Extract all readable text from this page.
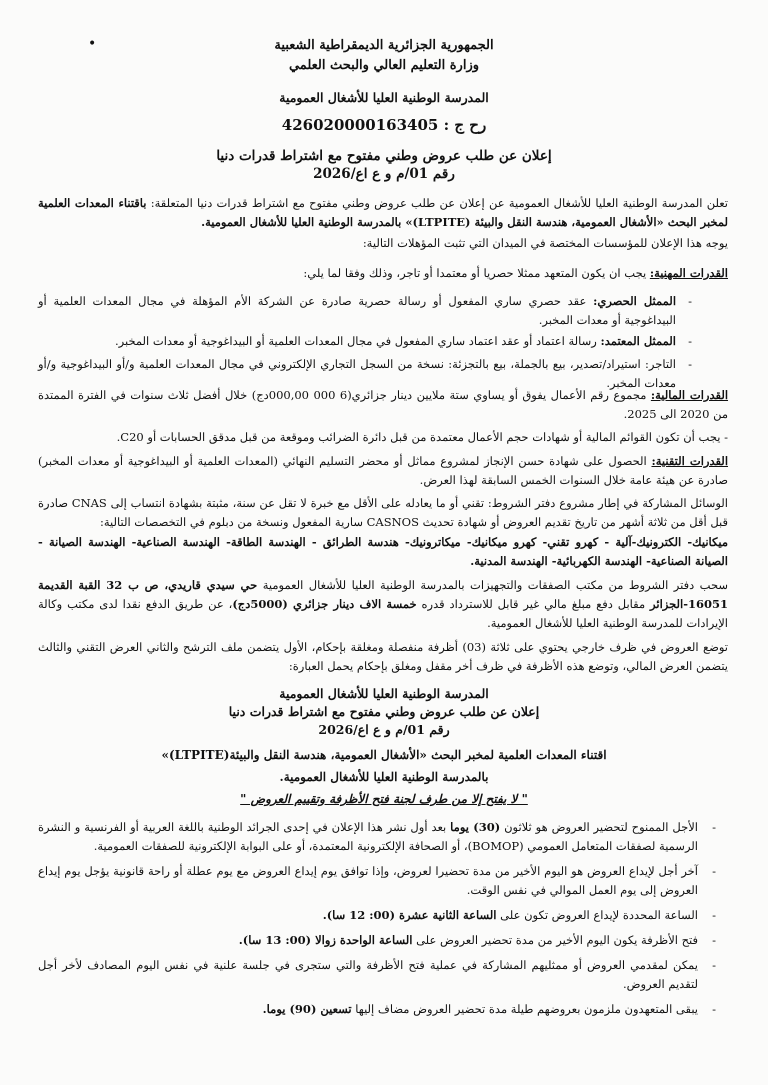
•	الجمهورية الجزائرية الديمقراطية الشعبية
وزارة التعليم العالي والبحث العلمي
المدرسة الوطنية العليا للأشغال العمومية
رح ج : 426020000163405
إعلان عن طلب عروض وطني مفتوح مع اشتراط قدرات دنيا
رقم 01/م و ع اع/2026
تعلن المدرسة الوطنية العليا للأشغال العمومية عن إعلان عن طلب عروض وطني مفتوح مع اشتراط قدرات دنيا المتعلقة: باقتناء المعدات العلمية لمخبر البحث «الأشغال العمومية، هندسة النقل والبيئة (LTPITE)» بالمدرسة الوطنية العليا للأشغال العمومية.
يوجه هذا الإعلان للمؤسسات المختصة في الميدان التي تثبت المؤهلات التالية:
القدرات المهنية: يجب ان يكون المتعهد ممثلا حصريا أو معتمدا أو تاجر، وذلك وفقا لما يلي:
-
الممثل الحصري: عقد حصري ساري المفعول أو رسالة حصرية صادرة عن الشركة الأم المؤهلة في مجال المعدات العلمية أو البيداغوجية أو معدات المخبر.
-
الممثل المعتمد: رسالة اعتماد أو عقد اعتماد ساري المفعول في مجال المعدات العلمية أو البيداغوجية أو معدات المخبر.
-
التاجر: استيراد/تصدير، بيع بالجملة، بيع بالتجزئة: نسخة من السجل التجاري الإلكتروني في مجال المعدات العلمية و/أو البيداغوجية و/أو معدات المخبر.
القدرات المالية: مجموع رقم الأعمال يفوق أو يساوي ستة ملايين دينار جزائري(6 000 000,00دج) خلال أفضل ثلاث سنوات في الفترة الممتدة من 2020 الى 2025.
- يجب أن تكون القوائم المالية أو شهادات حجم الأعمال معتمدة من قبل دائرة الضرائب وموقعة من قبل مدقق الحسابات أو C20.
القدرات التقنية: الحصول على شهادة حسن الإنجاز لمشروع مماثل أو محضر التسليم النهائي (المعدات العلمية أو البيداغوجية أو معدات المخبر) صادرة عن هيئة عامة خلال السنوات الخمس السابقة لهذا العرض.
الوسائل المشاركة في إطار مشروع دفتر الشروط: تقني أو ما يعادله على الأقل مع خبرة لا تقل عن سنة، مثبتة بشهادة انتساب إلى CNAS صادرة قبل أقل من ثلاثة أشهر من تاريخ تقديم العروض أو شهادة تحديث CASNOS سارية المفعول ونسخة من دبلوم في التخصصات التالية:
ميكانيك- الكترونيك-آلية - كهرو تقني- كهرو ميكانيك- ميكاترونيك- هندسة الطرائق - الهندسة الطاقة- الهندسة الصناعية- الهندسة الصيانة - الصيانة الصناعية- الهندسة الكهربائية- الهندسة المدنية.
سحب دفتر الشروط من مكتب الصفقات والتجهيزات بالمدرسة الوطنية العليا للأشغال العمومية حي سيدي قاريدي، ص ب 32 القبة القديمة 16051-الجزائر مقابل دفع مبلغ مالي غير قابل للاسترداد قدره خمسة الاف دينار جزائري (5000دج)، عن طريق الدفع نقدا لدى مكتب وكالة الإيرادات للمدرسة الوطنية العليا للأشغال العمومية.
توضع العروض في ظرف خارجي يحتوي على ثلاثة (03) أظرفة منفصلة ومغلقة بإحكام، الأول يتضمن ملف الترشح والثاني العرض التقني والثالث يتضمن العرض المالي، وتوضع هذه الأظرفة في ظرف أخر مقفل ومغلق بإحكام يحمل العبارة:
المدرسة الوطنية العليا للأشغال العمومية
إعلان عن طلب عروض وطني مفتوح مع اشتراط قدرات دنيا
رقم 01/م و ع اع/2026
اقتناء المعدات العلمية لمخبر البحث «الأشغال العمومية، هندسة النقل والبيئة(LTPITE)»
بالمدرسة الوطنية العليا للأشغال العمومية.
" لا يفتح إلا من طرف لجنة فتح الأظرفة وتقييم العروض "
-
الأجل الممنوح لتحضير العروض هو ثلاثون (30) يوما بعد أول نشر هذا الإعلان في إحدى الجرائد الوطنية باللغة العربية أو الفرنسية و النشرة الرسمية لصفقات المتعامل العمومي (BOMOP)، أو الصحافة الإلكترونية المعتمدة، أو على البوابة الإلكترونية للصفقات العمومية.
-
آخر أجل لإيداع العروض هو اليوم الأخير من مدة تحضيرا لعروض، وإذا توافق يوم إيداع العروض مع يوم عطلة أو راحة قانونية يؤجل يوم إيداع العروض إلى يوم العمل الموالي في نفس الوقت.
-
الساعة المحددة لإيداع العروض تكون على الساعة الثانية عشرة (00: 12 سا).
-
فتح الأظرفة يكون اليوم الأخير من مدة تحضير العروض على الساعة الواحدة زوالا (00: 13 سا).
-
يمكن لمقدمي العروض أو ممثليهم المشاركة في عملية فتح الأظرفة والتي ستجرى في جلسة علنية في نفس اليوم المصادف لأخر أجل لتقديم العروض.
-
يبقى المتعهدون ملزمون بعروضهم طيلة مدة تحضير العروض مضاف إليها تسعين (90) يوما.
